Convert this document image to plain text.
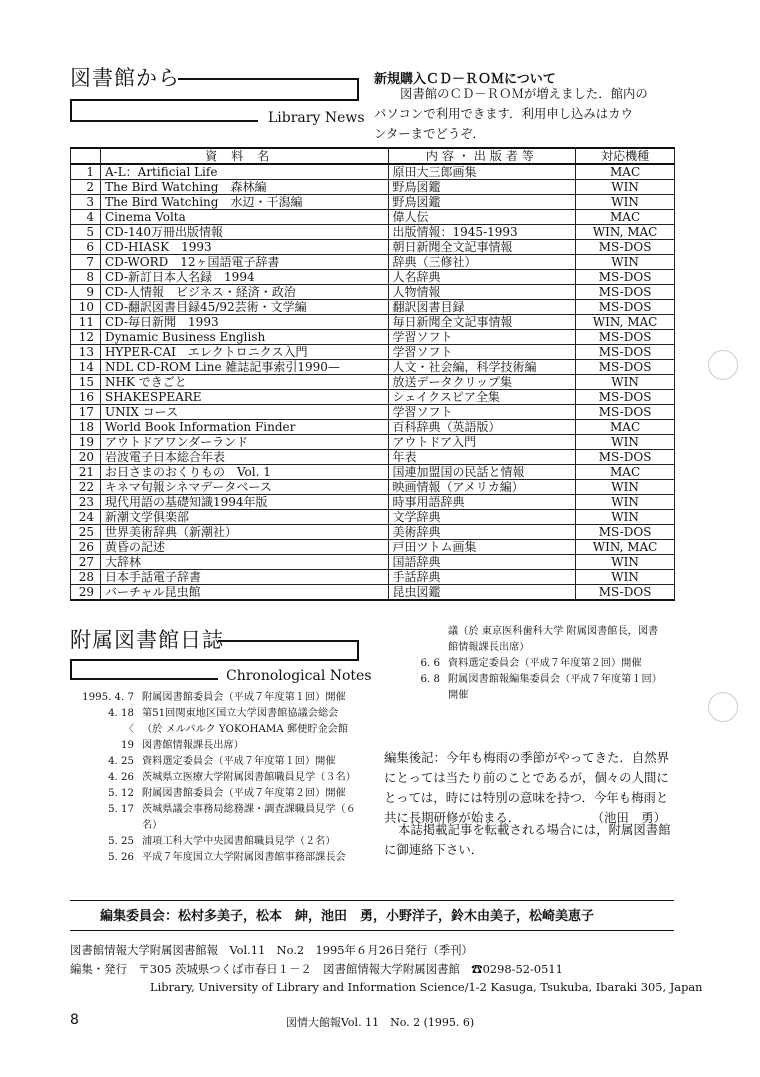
図書館から
Library News
新規購入ＣＤ－ＲＯＭについて
図書館のＣＤ－ＲＯＭが増えました．館内の
パソコンで利用できます．利用申し込みはカウ
ンターまでどうぞ．
	資料名	内容・出版者等	対応機種
1	A-L：Artificial Life	原田大三郎画集	MAC
2	The Bird Watching　森林編	野鳥図鑑	WIN
3	The Bird Watching　水辺・干潟編	野鳥図鑑	WIN
4	Cinema Volta	偉人伝	MAC
5	CD-140万冊出版情報	出版情報：1945-1993	WIN, MAC
6	CD-HIASK　1993	朝日新聞全文記事情報	MS-DOS
7	CD-WORD　12ヶ国語電子辞書	辞典（三修社）	WIN
8	CD-新訂日本人名録　1994	人名辞典	MS-DOS
9	CD-人情報　ビジネス・経済・政治	人物情報	MS-DOS
10	CD-翻訳図書目録45/92芸術・文学編	翻訳図書目録	MS-DOS
11	CD-毎日新聞　1993	毎日新聞全文記事情報	WIN, MAC
12	Dynamic Business English	学習ソフト	MS-DOS
13	HYPER-CAI　エレクトロニクス入門	学習ソフト	MS-DOS
14	NDL CD-ROM Line 雑誌記事索引1990—	人文・社会編，科学技術編	MS-DOS
15	NHK できごと	放送データクリップ集	WIN
16	SHAKESPEARE	シェイクスピア全集	MS-DOS
17	UNIX コース	学習ソフト	MS-DOS
18	World Book Information Finder	百科辞典（英語版）	MAC
19	アウトドアワンダーランド	アウトドア入門	WIN
20	岩波電子日本総合年表	年表	MS-DOS
21	お日さまのおくりもの　Vol. 1	国連加盟国の民話と情報	MAC
22	キネマ旬報シネマデータベース	映画情報（アメリカ編）	WIN
23	現代用語の基礎知識1994年版	時事用語辞典	WIN
24	新潮文学俱楽部	文学辞典	WIN
25	世界美術辞典（新潮社）	美術辞典	MS-DOS
26	黄昏の記述	戸田ツトム画集	WIN, MAC
27	大辞林	国語辞典	WIN
28	日本手話電子辞書	手話辞典	WIN
29	バーチャル昆虫館	昆虫図鑑	MS-DOS
附属図書館日誌
Chronological Notes
1995. 4. 7 附属図書館委員会（平成７年度第１回）開催
4. 18 第51回関東地区国立大学図書館協議会総会
〈 （於 メルパルク YOKOHAMA 郵便貯金会館
19 図書館情報課長出席）
4. 25 資料選定委員会（平成７年度第１回）開催
4. 26 茨城県立医療大学附属図書館職員見学（３名）
5. 12 附属図書館委員会（平成７年度第２回）開催
5. 17 茨城県議会事務局総務課・調査課職員見学（６
名）
5. 25 浦項工科大学中央図書館職員見学（２名）
5. 26 平成７年度国立大学附属図書館事務部課長会
議（於 東京医科歯科大学 附属図書館長，図書
館情報課長出席）
6. 6 資料選定委員会（平成７年度第２回）開催
6. 8 附属図書館報編集委員会（平成７年度第１回）
開催
編集後記：今年も梅雨の季節がやってきた．自然界
にとっては当たり前のことであるが，個々の人間に
とっては，時には特別の意味を持つ．今年も梅雨と
共に長期研修が始まる．	（池田　勇）
本誌掲載記事を転載される場合には，附属図書館
に御連絡下さい．
編集委員会：松村多美子，松本　紳，池田　勇，小野洋子，鈴木由美子，松崎美恵子
図書館情報大学附属図書館報　Vol.11　No.2　1995年６月26日発行（季刊）
編集・発行　〒305 茨城県つくば市春日１－２　図書館情報大学附属図書館　☎0298-52-0511
Library, University of Library and Information Science/1-2 Kasuga, Tsukuba, Ibaraki 305, Japan
8	図情大館報Vol. 11　No. 2 (1995. 6)
